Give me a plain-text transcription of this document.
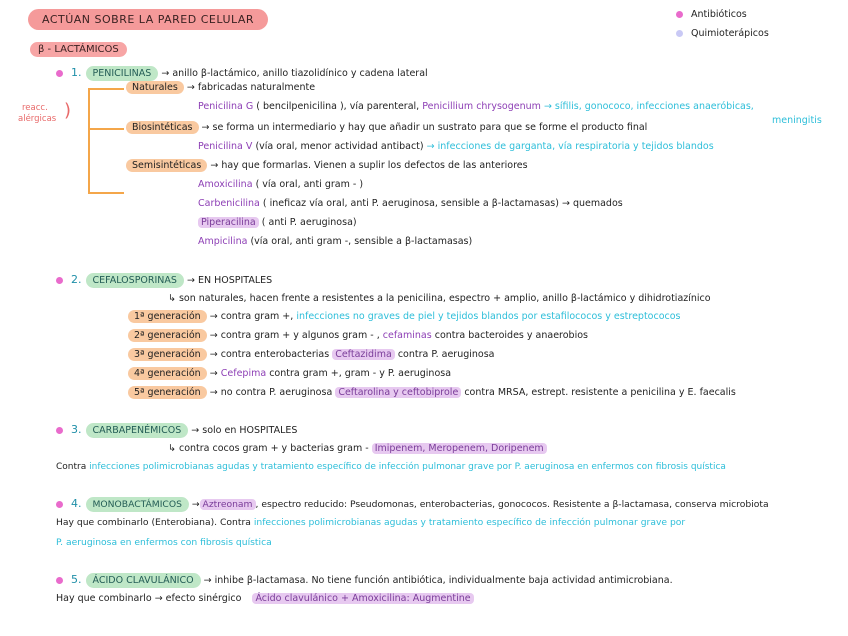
ACTÚAN SOBRE LA PARED CELULAR	Antibióticos
Quimioterápicos
β - LACTÁMICOS
reacc.
alérgicas )
1. PENICILINAS → anillo β-lactámico, anillo tiazolidínico y cadena lateral
Naturales → fabricadas naturalmente
Penicilina G ( bencilpenicilina ), vía parenteral, Penicillium chrysogenum → sífilis, gonococo, infecciones anaeróbicas,
meningitis
Biosintéticas → se forma un intermediario y hay que añadir un sustrato para que se forme el producto final
Penicilina V (vía oral, menor actividad antibact) → infecciones de garganta, vía respiratoria y tejidos blandos
Semisintéticas → hay que formarlas. Vienen a suplir los defectos de las anteriores
Amoxicilina ( vía oral, anti gram - )
Carbenicilina ( ineficaz vía oral, anti P. aeruginosa, sensible a β-lactamasas) → quemados
Piperacilina ( anti P. aeruginosa)
Ampicilina (vía oral, anti gram -, sensible a β-lactamasas)
2. CEFALOSPORINAS → EN HOSPITALES
↳ son naturales, hacen frente a resistentes a la penicilina, espectro + amplio, anillo β-lactámico y dihidrotiazínico
1ª generación → contra gram +, infecciones no graves de piel y tejidos blandos por estafilococos y estreptococos
2ª generación → contra gram + y algunos gram - , cefaminas contra bacteroides y anaerobios
3ª generación → contra enterobacterias Ceftazidima contra P. aeruginosa
4ª generación → Cefepima contra gram +, gram - y P. aeruginosa
5ª generación → no contra P. aeruginosa Ceftarolina y ceftobiprole contra MRSA, estrept. resistente a penicilina y E. faecalis
3. CARBAPENÉMICOS → solo en HOSPITALES
↳ contra cocos gram + y bacterias gram - Imipenem, Meropenem, Doripenem
Contra infecciones polimicrobianas agudas y tratamiento específico de infección pulmonar grave por P. aeruginosa en enfermos con fibrosis quística
4. MONOBACTÁMICOS → Aztreonam , espectro reducido: Pseudomonas, enterobacterias, gonococos. Resistente a β-lactamasa, conserva microbiota
Hay que combinarlo (Enterobiana). Contra infecciones polimicrobianas agudas y tratamiento específico de infección pulmonar grave por
P. aeruginosa en enfermos con fibrosis quística
5. ÁCIDO CLAVULÁNICO → inhibe β-lactamasa. No tiene función antibiótica, individualmente baja actividad antimicrobiana.
Hay que combinarlo → efecto sinérgico Ácido clavulánico + Amoxicilina: Augmentine
